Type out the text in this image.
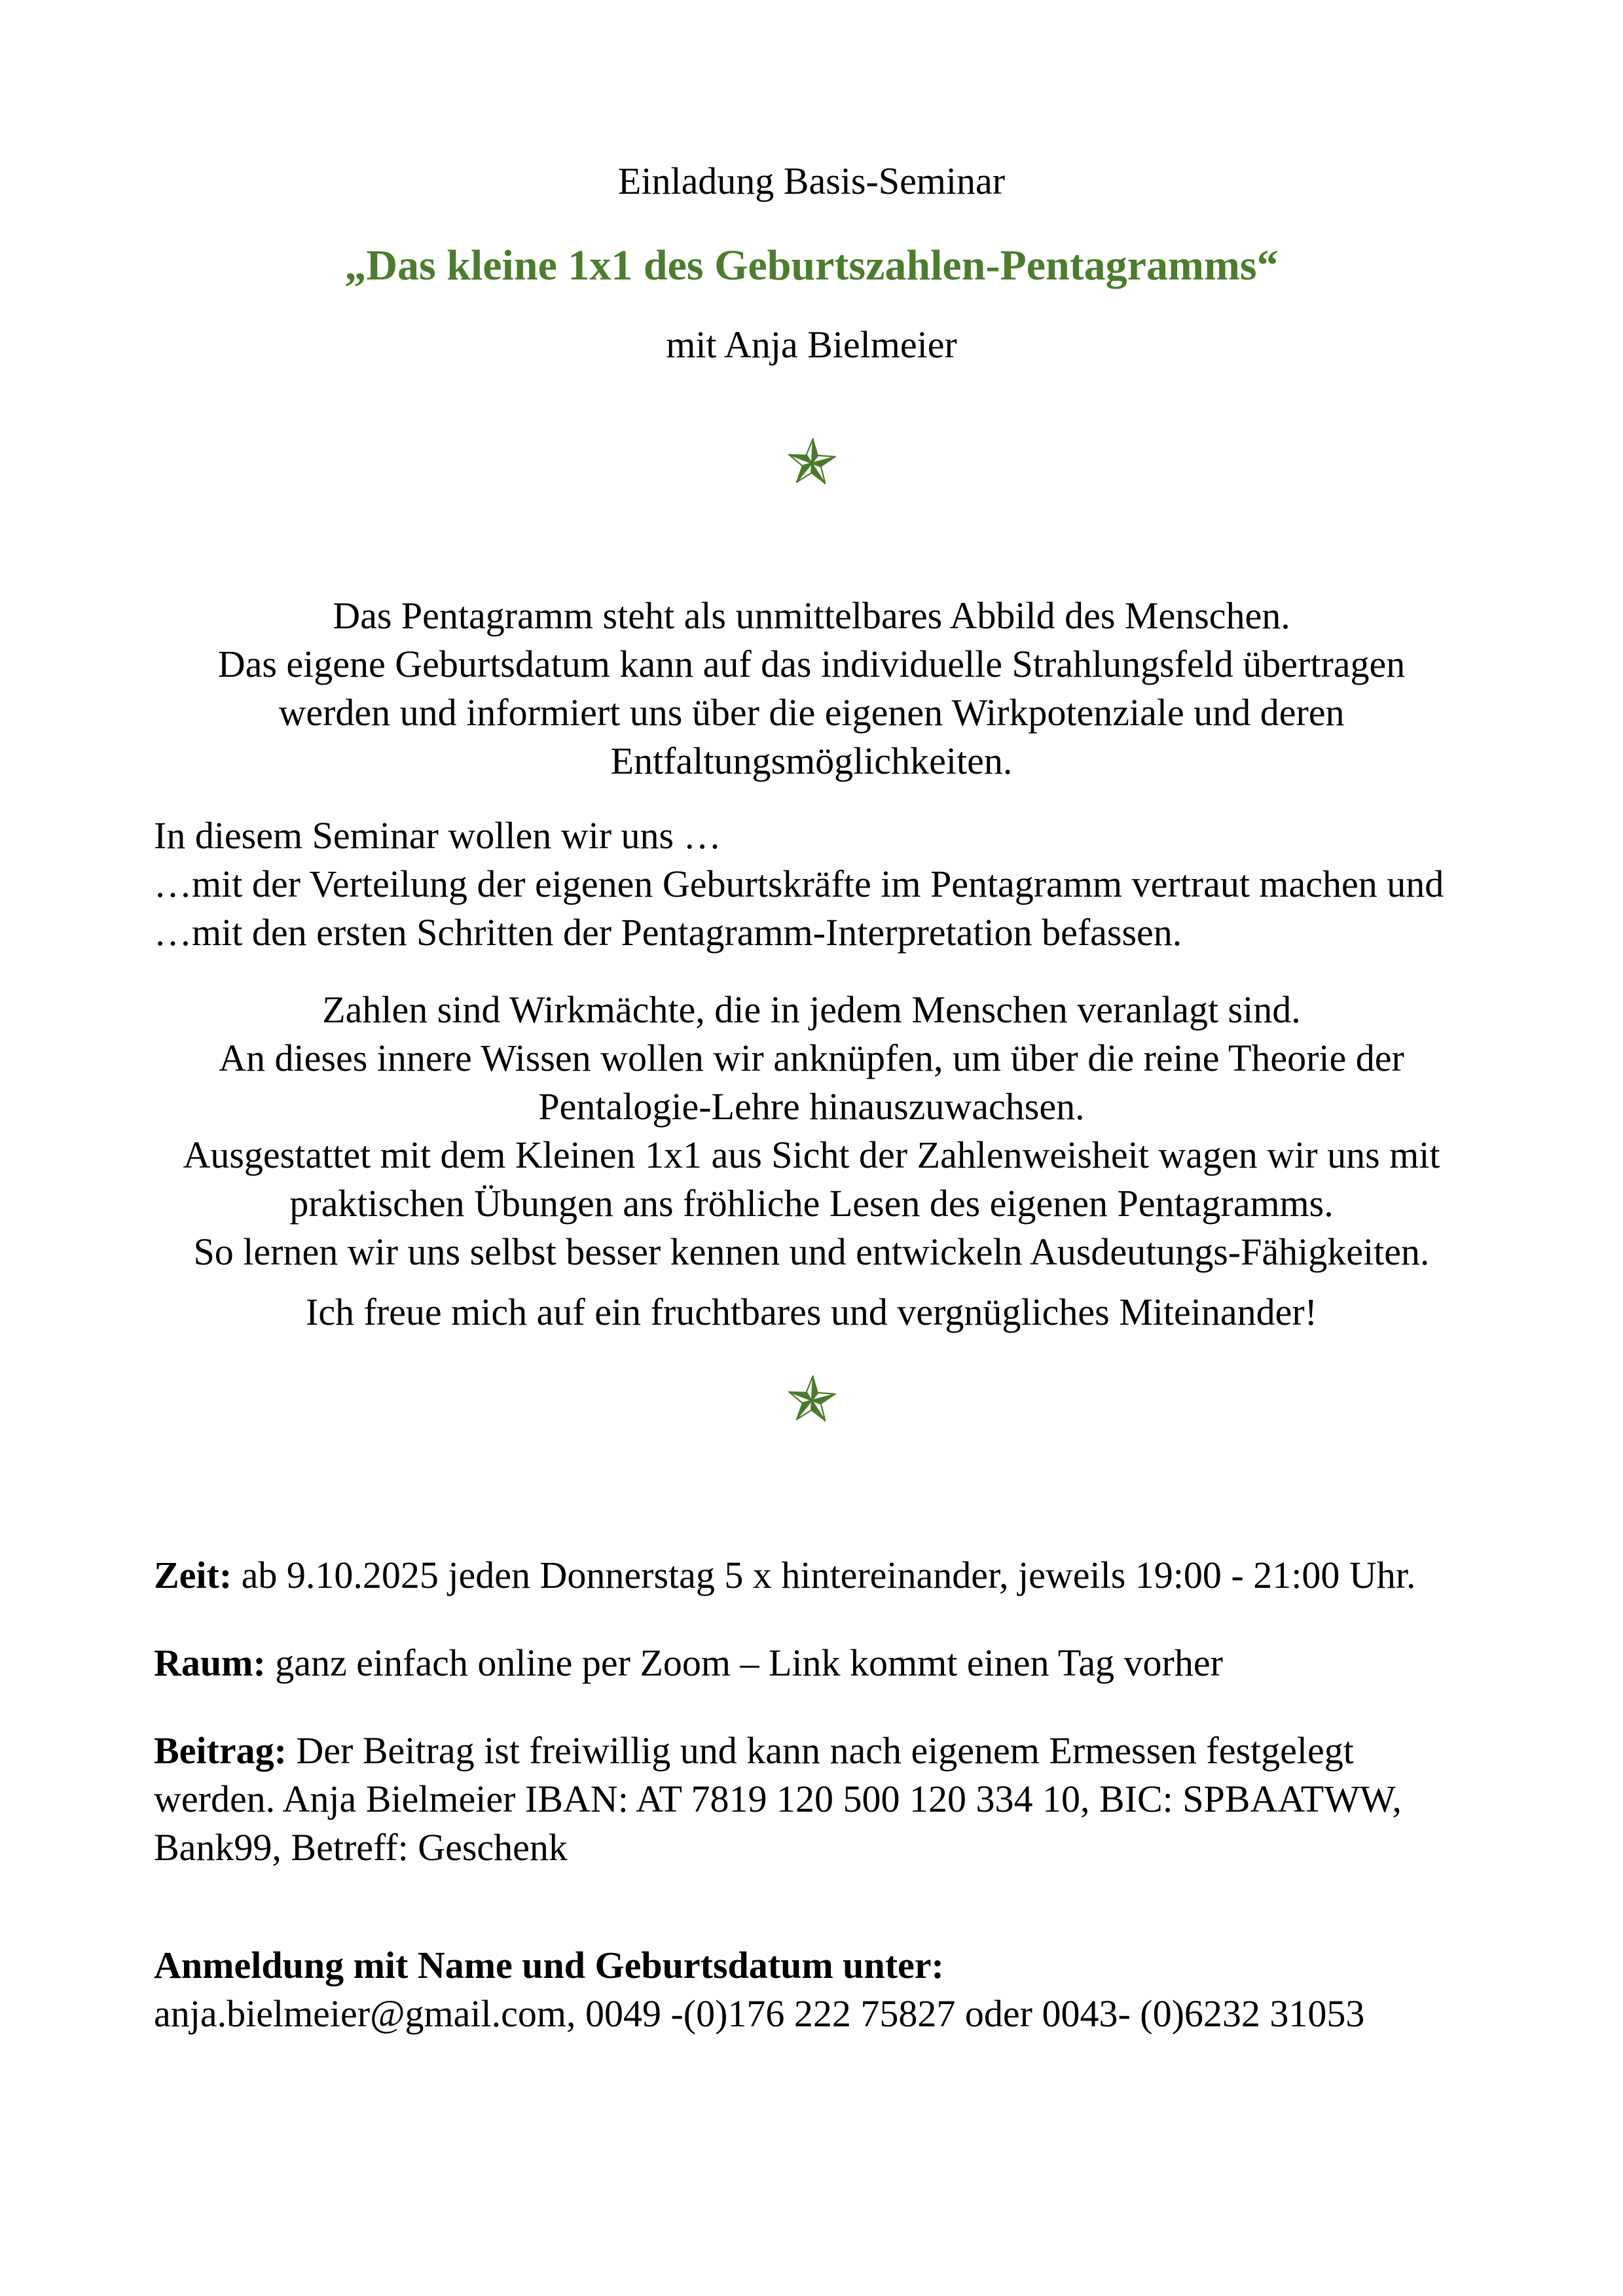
Einladung Basis-Seminar
„Das kleine 1x1 des Geburtszahlen-Pentagramms“
mit Anja Bielmeier
Das Pentagramm steht als unmittelbares Abbild des Menschen.
Das eigene Geburtsdatum kann auf das individuelle Strahlungsfeld übertragen
werden und informiert uns über die eigenen Wirkpotenziale und deren
Entfaltungsmöglichkeiten.
In diesem Seminar wollen wir uns …
…mit der Verteilung der eigenen Geburtskräfte im Pentagramm vertraut machen und
…mit den ersten Schritten der Pentagramm-Interpretation befassen.
Zahlen sind Wirkmächte, die in jedem Menschen veranlagt sind.
An dieses innere Wissen wollen wir anknüpfen, um über die reine Theorie der
Pentalogie-Lehre hinauszuwachsen.
Ausgestattet mit dem Kleinen 1x1 aus Sicht der Zahlenweisheit wagen wir uns mit
praktischen Übungen ans fröhliche Lesen des eigenen Pentagramms.
So lernen wir uns selbst besser kennen und entwickeln Ausdeutungs-Fähigkeiten.
Ich freue mich auf ein fruchtbares und vergnügliches Miteinander!

Zeit: ab 9.10.2025 jeden Donnerstag 5 x hintereinander, jeweils 19:00 - 21:00 Uhr.

Raum: ganz einfach online per Zoom – Link kommt einen Tag vorher

Beitrag: Der Beitrag ist freiwillig und kann nach eigenem Ermessen festgelegt
werden. Anja Bielmeier IBAN: AT 7819 120 500 120 334 10, BIC: SPBAATWW,
Bank99, Betreff: Geschenk

Anmeldung mit Name und Geburtsdatum unter:
anja.bielmeier@gmail.com, 0049 -(0)176 222 75827 oder 0043- (0)6232 31053
